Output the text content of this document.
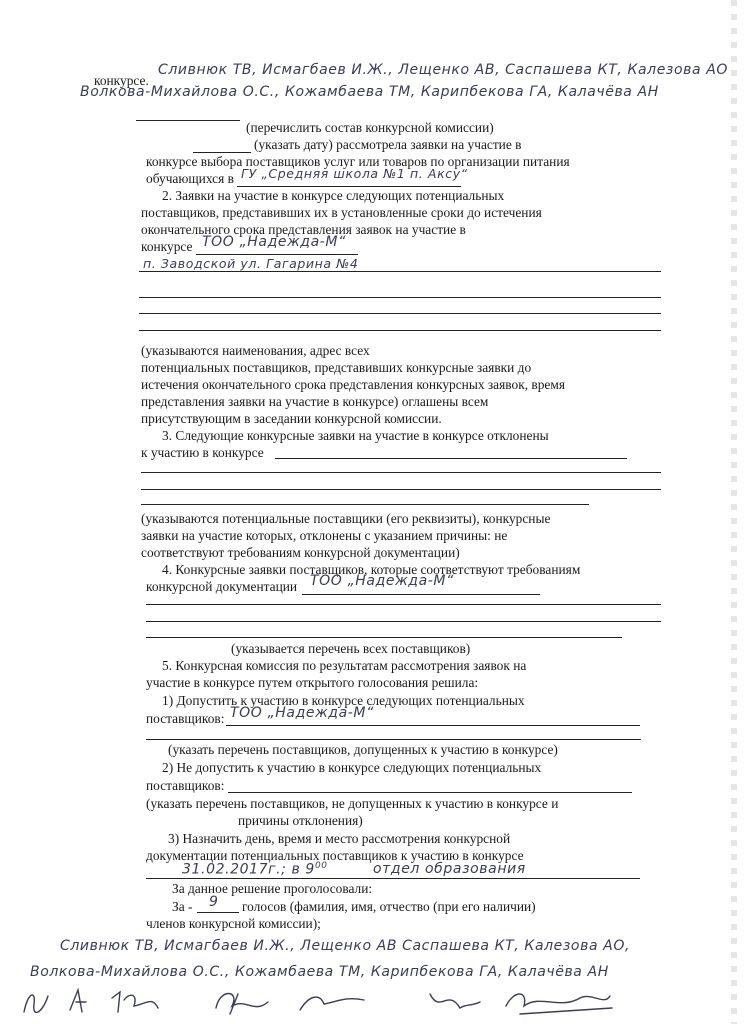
конкурсе.
Сливнюк ТВ, Исмагбаев И.Ж., Лещенко АВ, Саспашева КТ, Калезова АО
Волкова-Михайлова О.С., Кожамбаева ТМ, Карипбекова ГА, Калачёва АН
(перечислить состав конкурсной комиссии)
(указать дату) рассмотрела заявки на участие в
конкурсе выбора поставщиков услуг или товаров по организации питания
обучающихся в ГУ „Средняя школа №1 п. Аксу“
2. Заявки на участие в конкурсе следующих потенциальных
поставщиков, представивших их в установленные сроки до истечения
окончательного срока представления заявок на участие в
конкурсе ТОО „Надежда-М“
п. Заводской ул. Гагарина №4
(указываются наименования, адрес всех
потенциальных поставщиков, представивших конкурсные заявки до
истечения окончательного срока представления конкурсных заявок, время
представления заявки на участие в конкурсе) оглашены всем
присутствующим в заседании конкурсной комиссии.
3. Следующие конкурсные заявки на участие в конкурсе отклонены
к участию в конкурсе
(указываются потенциальные поставщики (его реквизиты), конкурсные
заявки на участие которых, отклонены с указанием причины: не
соответствуют требованиям конкурсной документации)
4. Конкурсные заявки поставщиков, которые соответствуют требованиям
конкурсной документации ТОО „Надежда-М“
(указывается перечень всех поставщиков)
5. Конкурсная комиссия по результатам рассмотрения заявок на
участие в конкурсе путем открытого голосования решила:
1) Допустить к участию в конкурсе следующих потенциальных
поставщиков: ТОО „Надежда-М“
(указать перечень поставщиков, допущенных к участию в конкурсе)
2) Не допустить к участию в конкурсе следующих потенциальных
поставщиков:
(указать перечень поставщиков, не допущенных к участию в конкурсе и
причины отклонения)
3) Назначить день, время и место рассмотрения конкурсной
документации потенциальных поставщиков к участию в конкурсе
31.02.2017г.; в $9^{00}$	отдел образования
За данное решение проголосовали:
За - 9 голосов (фамилия, имя, отчество (при его наличии)
членов конкурсной комиссии);
Сливнюк ТВ, Исмагбаев И.Ж., Лещенко АВ Саспашева КТ, Калезова АО,
Волкова-Михайлова О.С., Кожамбаева ТМ, Карипбекова ГА, Калачёва АН
